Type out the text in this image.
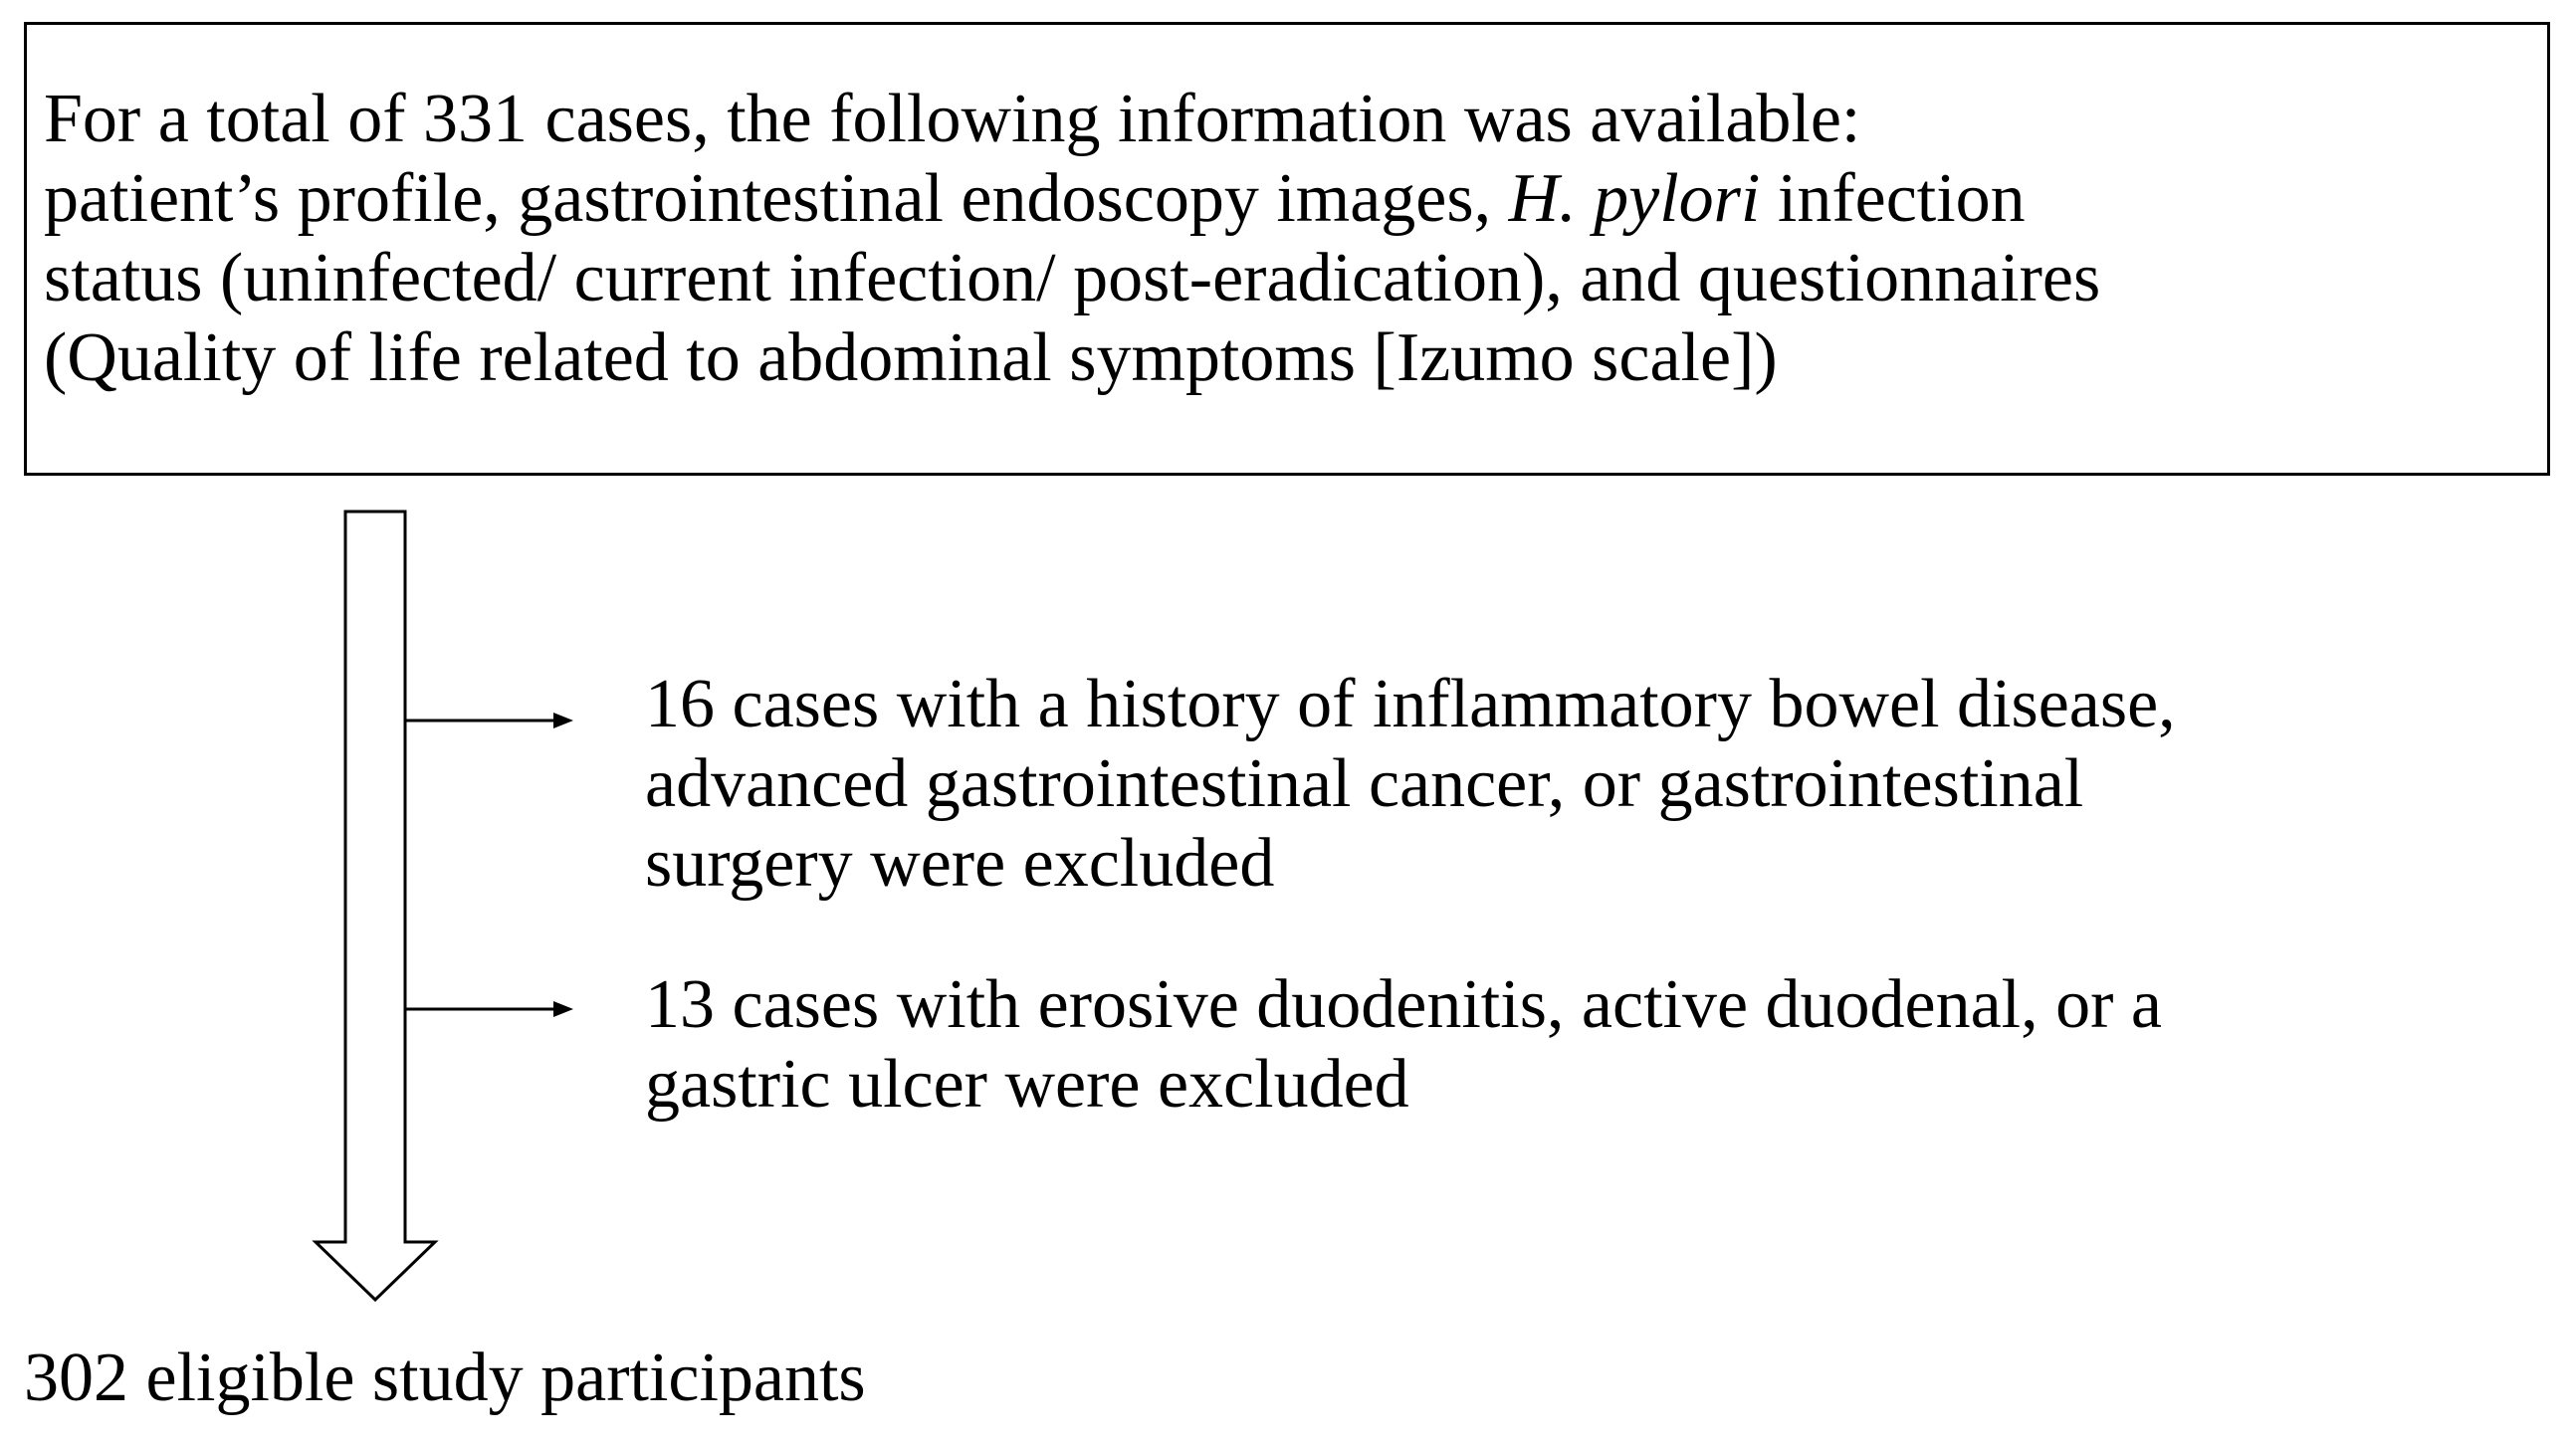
For a total of 331 cases, the following information was available:
patient’s profile, gastrointestinal endoscopy images, H. pylori infection
status (uninfected/ current infection/ post-eradication), and questionnaires
(Quality of life related to abdominal symptoms [Izumo scale])
16 cases with a history of inflammatory bowel disease,
advanced gastrointestinal cancer, or gastrointestinal
surgery were excluded
13 cases with erosive duodenitis, active duodenal, or a
gastric ulcer were excluded
302 eligible study participants
